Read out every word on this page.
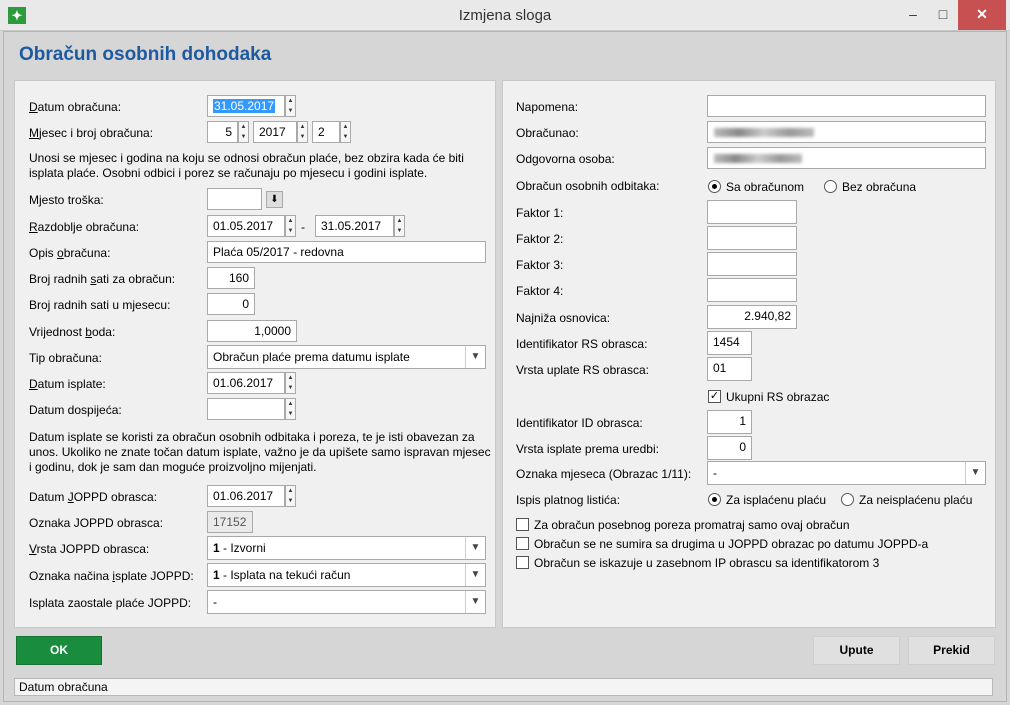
✦	Izmjena sloga	–	□	✕
Obračun osobnih dohodaka
Datum obračuna:	31.05.2017	▲
▼
Mjesec i broj obračuna:	5	▲
▼	2017	▲
▼	2	▲
▼
Unosi se mjesec i godina na koju se odnosi obračun plaće, bez obzira kada će biti isplata plaće. Osobni odbici i porez se računaju po mjesecu i godini isplate.
Mjesto troška:	⬇
Razdoblje obračuna:	01.05.2017	▲
▼ -	31.05.2017	▲
▼
Opis obračuna:	Plaća 05/2017 - redovna
Broj radnih sati za obračun:	160
Broj radnih sati u mjesecu:	0
Vrijednost boda:	1,0000
Tip obračuna:	Obračun plaće prema datumu isplate	▼
Datum isplate:	01.06.2017	▲
▼
Datum dospijeća:	▲
▼
Datum isplate se koristi za obračun osobnih odbitaka i poreza, te je isti obavezan za unos. Ukoliko ne znate točan datum isplate, važno je da upišete samo ispravan mjesec i godinu, dok je sam dan moguće proizvoljno mijenjati.
Datum JOPPD obrasca:	01.06.2017	▲
▼
Oznaka JOPPD obrasca:	17152
Vrsta JOPPD obrasca:	1 - Izvorni	▼
Oznaka načina isplate JOPPD: 1 - Isplata na tekući račun	▼
Isplata zaostale plaće JOPPD: -	▼
Napomena:
Obračunao:
Odgovorna osoba:
Obračun osobnih odbitaka:	Sa obračunom	Bez obračuna
Faktor 1:
Faktor 2:
Faktor 3:
Faktor 4:
Najniža osnovica:	2.940,82
Identifikator RS obrasca:	1454
Vrsta uplate RS obrasca:	01
✓ Ukupni RS obrazac
Identifikator ID obrasca:	1
Vrsta isplate prema uredbi:	0
Oznaka mjeseca (Obrazac 1/11): -	▼
Ispis platnog listića:	Za isplaćenu plaću	Za neisplaćenu plaću
Za obračun posebnog poreza promatraj samo ovaj obračun
Obračun se ne sumira sa drugima u JOPPD obrazac po datumu JOPPD-a
Obračun se iskazuje u zasebnom IP obrascu sa identifikatorom 3
OK	Upute	Prekid
Datum obračuna
